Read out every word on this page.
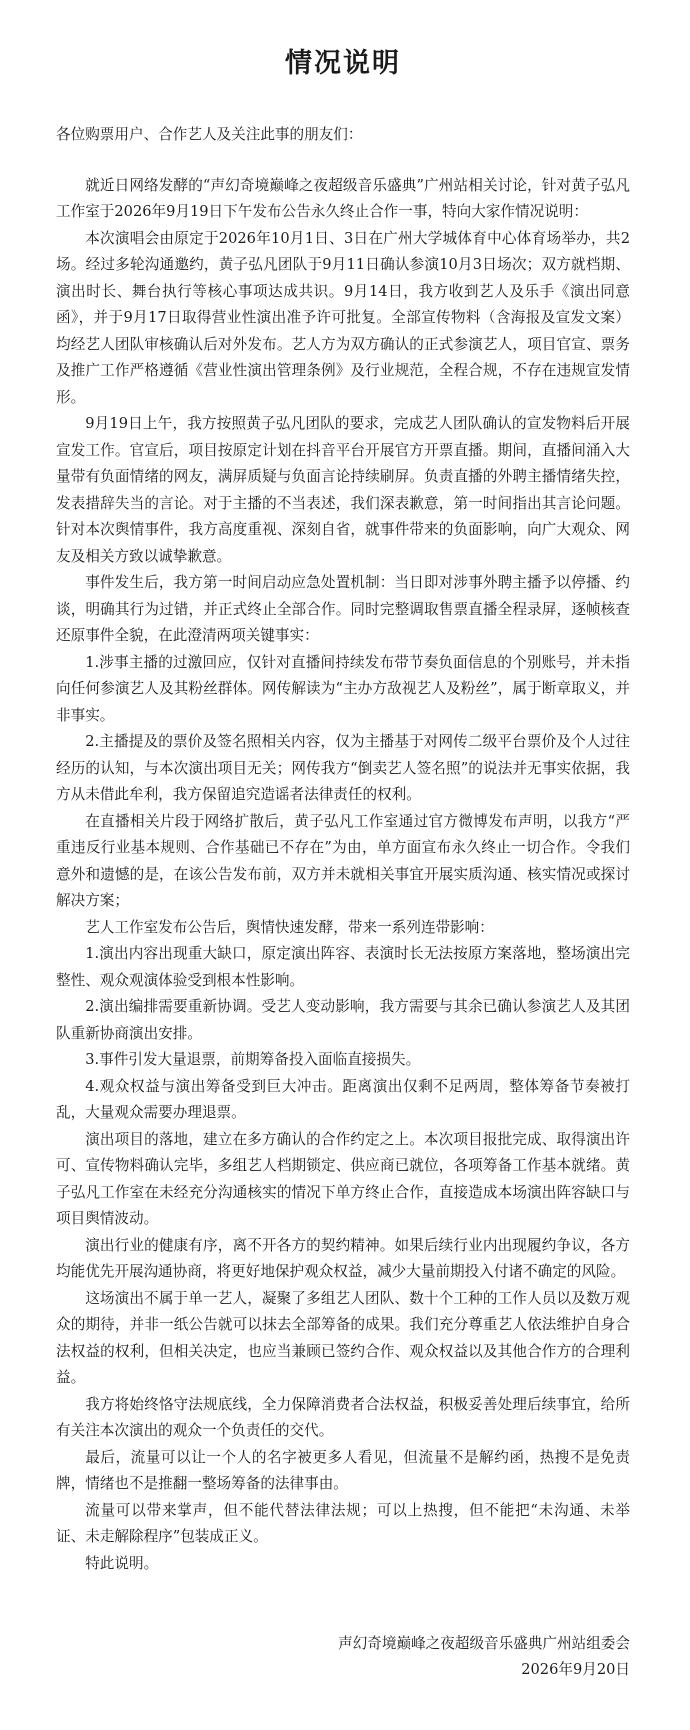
情况说明
各位购票用户、合作艺人及关注此事的朋友们：

就近日网络发酵的“声幻奇境巅峰之夜超级音乐盛典”广州站相关讨论，针对黄子弘凡工作室于2026年9月19日下午发布公告永久终止合作一事，特向大家作情况说明：

本次演唱会由原定于2026年10月1日、3日在广州大学城体育中心体育场举办，共2场。经过多轮沟通邀约，黄子弘凡团队于9月11日确认参演10月3日场次；双方就档期、演出时长、舞台执行等核心事项达成共识。9月14日，我方收到艺人及乐手《演出同意函》，并于9月17日取得营业性演出准予许可批复。全部宣传物料（含海报及宣发文案）均经艺人团队审核确认后对外发布。艺人方为双方确认的正式参演艺人，项目官宣、票务及推广工作严格遵循《营业性演出管理条例》及行业规范，全程合规，不存在违规宣发情形。

9月19日上午，我方按照黄子弘凡团队的要求，完成艺人团队确认的宣发物料后开展宣发工作。官宣后，项目按原定计划在抖音平台开展官方开票直播。期间，直播间涌入大量带有负面情绪的网友，满屏质疑与负面言论持续刷屏。负责直播的外聘主播情绪失控，发表措辞失当的言论。对于主播的不当表述，我们深表歉意，第一时间指出其言论问题。针对本次舆情事件，我方高度重视、深刻自省，就事件带来的负面影响，向广大观众、网友及相关方致以诚挚歉意。

事件发生后，我方第一时间启动应急处置机制：当日即对涉事外聘主播予以停播、约谈，明确其行为过错，并正式终止全部合作。同时完整调取售票直播全程录屏，逐帧核查还原事件全貌，在此澄清两项关键事实：

1.涉事主播的过激回应，仅针对直播间持续发布带节奏负面信息的个别账号，并未指向任何参演艺人及其粉丝群体。网传解读为“主办方敌视艺人及粉丝”，属于断章取义，并非事实。

2.主播提及的票价及签名照相关内容，仅为主播基于对网传二级平台票价及个人过往经历的认知，与本次演出项目无关；网传我方“倒卖艺人签名照”的说法并无事实依据，我方从未借此牟利，我方保留追究造谣者法律责任的权利。

在直播相关片段于网络扩散后，黄子弘凡工作室通过官方微博发布声明，以我方“严重违反行业基本规则、合作基础已不存在”为由，单方面宣布永久终止一切合作。令我们意外和遗憾的是，在该公告发布前，双方并未就相关事宜开展实质沟通、核实情况或探讨解决方案；

艺人工作室发布公告后，舆情快速发酵，带来一系列连带影响：

1.演出内容出现重大缺口，原定演出阵容、表演时长无法按原方案落地，整场演出完整性、观众观演体验受到根本性影响。

2.演出编排需要重新协调。受艺人变动影响，我方需要与其余已确认参演艺人及其团队重新协商演出安排。

3.事件引发大量退票，前期筹备投入面临直接损失。

4.观众权益与演出筹备受到巨大冲击。距离演出仅剩不足两周，整体筹备节奏被打乱，大量观众需要办理退票。

演出项目的落地，建立在多方确认的合作约定之上。本次项目报批完成、取得演出许可、宣传物料确认完毕，多组艺人档期锁定、供应商已就位，各项筹备工作基本就绪。黄子弘凡工作室在未经充分沟通核实的情况下单方终止合作，直接造成本场演出阵容缺口与项目舆情波动。

演出行业的健康有序，离不开各方的契约精神。如果后续行业内出现履约争议，各方均能优先开展沟通协商，将更好地保护观众权益，减少大量前期投入付诸不确定的风险。

这场演出不属于单一艺人，凝聚了多组艺人团队、数十个工种的工作人员以及数万观众的期待，并非一纸公告就可以抹去全部筹备的成果。我们充分尊重艺人依法维护自身合法权益的权利，但相关决定，也应当兼顾已签约合作、观众权益以及其他合作方的合理利益。

我方将始终恪守法规底线，全力保障消费者合法权益，积极妥善处理后续事宜，给所有关注本次演出的观众一个负责任的交代。

最后，流量可以让一个人的名字被更多人看见，但流量不是解约函，热搜不是免责牌，情绪也不是推翻一整场筹备的法律事由。

流量可以带来掌声，但不能代替法律法规；可以上热搜，但不能把“未沟通、未举证、未走解除程序”包装成正义。

特此说明。

声幻奇境巅峰之夜超级音乐盛典广州站组委会
2026年9月20日
